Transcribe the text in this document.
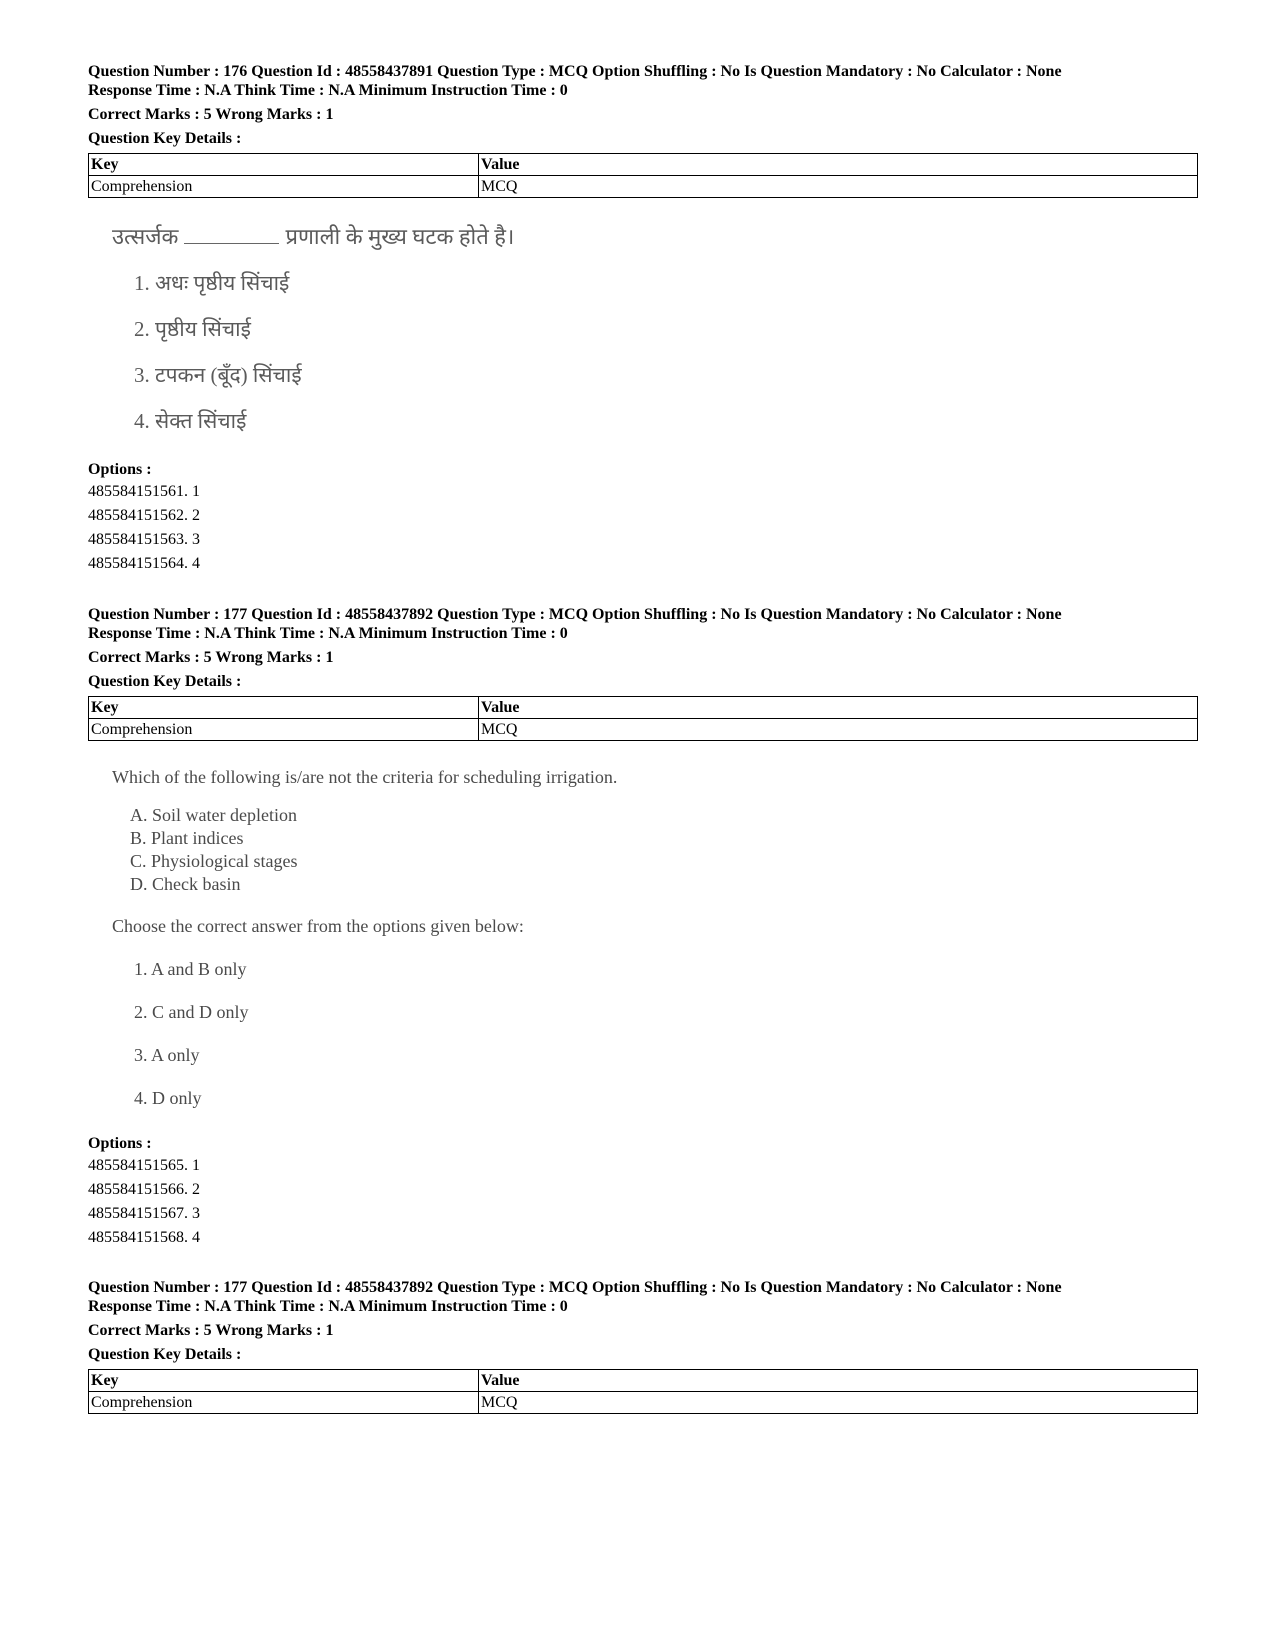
Question Number : 176 Question Id : 48558437891 Question Type : MCQ Option Shuffling : No Is Question Mandatory : No Calculator : None
Response Time : N.A Think Time : N.A Minimum Instruction Time : 0
Correct Marks : 5 Wrong Marks : 1
Question Key Details :
Key	Value
Comprehension	MCQ
उत्सर्जक	प्रणाली के मुख्य घटक होते है।
1. अधः पृष्ठीय सिंचाई
2. पृष्ठीय सिंचाई
3. टपकन (बूँद) सिंचाई
4. सेक्त सिंचाई
Options :
485584151561. 1
485584151562. 2
485584151563. 3
485584151564. 4
Question Number : 177 Question Id : 48558437892 Question Type : MCQ Option Shuffling : No Is Question Mandatory : No Calculator : None
Response Time : N.A Think Time : N.A Minimum Instruction Time : 0
Correct Marks : 5 Wrong Marks : 1
Question Key Details :
Key	Value
Comprehension	MCQ
Which of the following is/are not the criteria for scheduling irrigation.
A. Soil water depletion
B. Plant indices
C. Physiological stages
D. Check basin
Choose the correct answer from the options given below:
1. A and B only
2. C and D only
3. A only
4. D only
Options :
485584151565. 1
485584151566. 2
485584151567. 3
485584151568. 4
Question Number : 177 Question Id : 48558437892 Question Type : MCQ Option Shuffling : No Is Question Mandatory : No Calculator : None
Response Time : N.A Think Time : N.A Minimum Instruction Time : 0
Correct Marks : 5 Wrong Marks : 1
Question Key Details :
Key	Value
Comprehension	MCQ
